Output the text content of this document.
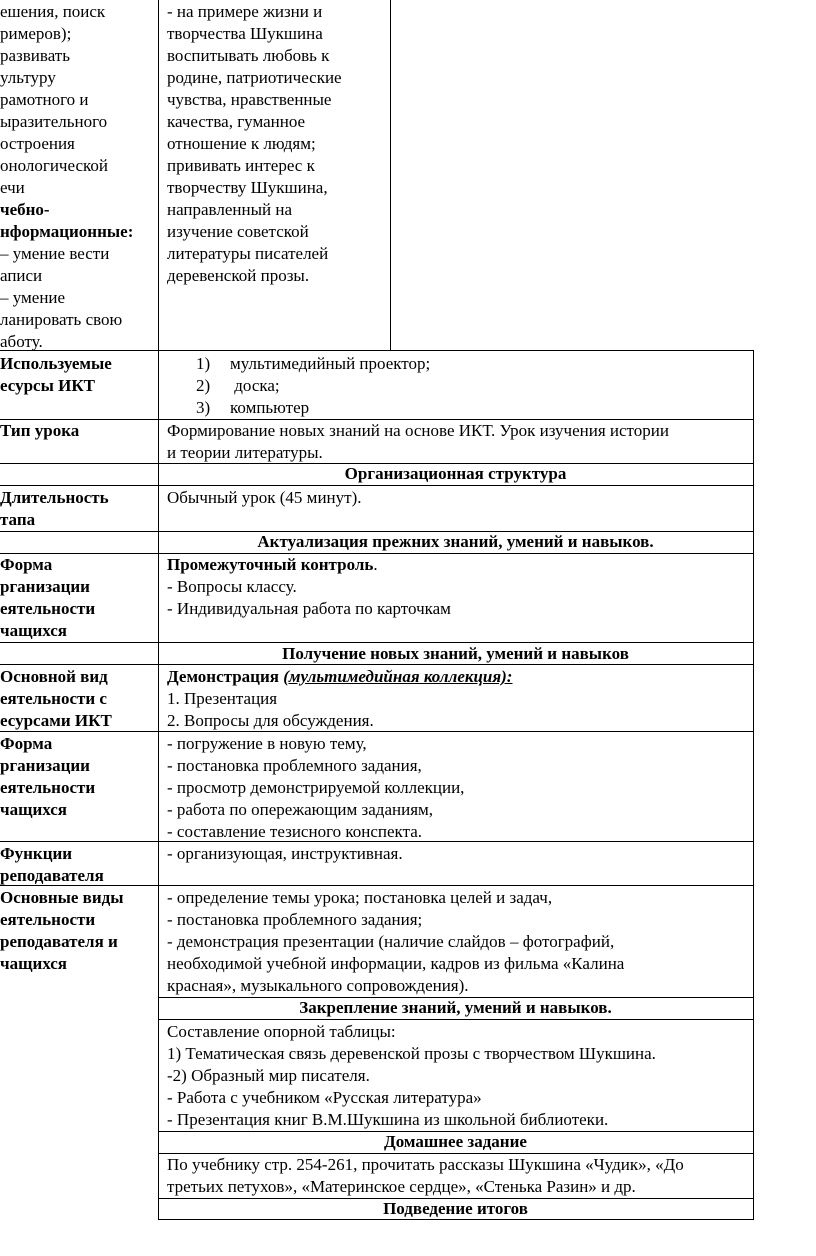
ешения, поиск
римеров);
развивать
ультуру
рамотного и
ыразительного
остроения
онологической
ечи
чебно-
нформационные:
– умение вести
аписи
– умение
ланировать свою
аботу.
- на примере жизни и
творчества Шукшина
воспитывать любовь к
родине, патриотические
чувства, нравственные
качества, гуманное
отношение к людям;
прививать интерес к
творчеству Шукшина,
направленный на
изучение советской
литературы писателей
деревенской прозы.
Используемые
есурсы ИКТ
1) мультимедийный проектор;
2) доска;
3) компьютер
Тип урока	Формирование новых знаний на основе ИКТ. Урок изучения истории
и теории литературы.
Организационная структура
Длительность
тапа
Обычный урок (45 минут).
Актуализация прежних знаний, умений и навыков.
Форма
рганизации
еятельности
чащихся
Промежуточный контроль.
- Вопросы классу.
- Индивидуальная работа по карточкам
Получение новых знаний, умений и навыков
Основной вид
еятельности с
есурсами ИКТ
Демонстрация (мультимедийная коллекция):
1. Презентация
2. Вопросы для обсуждения.
Форма
рганизации
еятельности
чащихся
- погружение в новую тему,
- постановка проблемного задания,
- просмотр демонстрируемой коллекции,
- работа по опережающим заданиям,
- составление тезисного конспекта.
Функции
реподавателя
- организующая, инструктивная.
Основные виды
еятельности
реподавателя и
чащихся
- определение темы урока; постановка целей и задач,
- постановка проблемного задания;
- демонстрация презентации (наличие слайдов – фотографий,
необходимой учебной информации, кадров из фильма «Калина
красная», музыкального сопровождения).
Закрепление знаний, умений и навыков.
Составление опорной таблицы:
1) Тематическая связь деревенской прозы с творчеством Шукшина.
-2) Образный мир писателя.
- Работа с учебником «Русская литература»
- Презентация книг В.М.Шукшина из школьной библиотеки.
Домашнее задание
По учебнику стр. 254-261, прочитать рассказы Шукшина «Чудик», «До
третьих петухов», «Материнское сердце», «Стенька Разин» и др.
Подведение итогов
